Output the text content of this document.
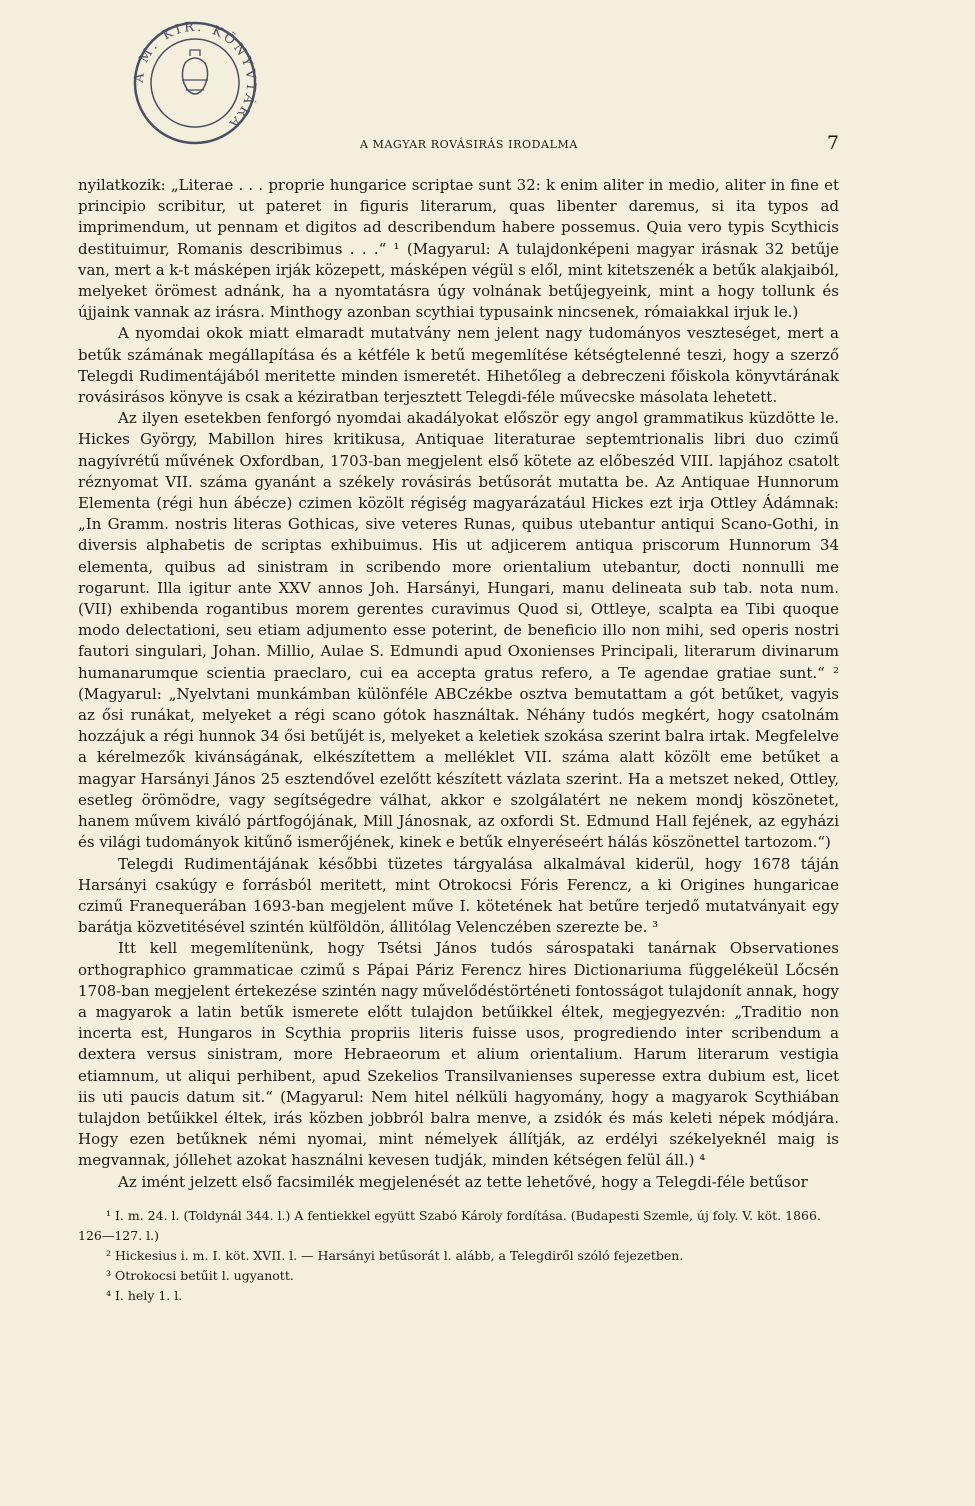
A M. KIR. KÖNYVTÁRA
A MAGYAR ROVÁSIRÁS IRODALMA	7

nyilatkozik: „Literae . . . proprie hungarice scriptae sunt 32: k enim aliter in medio, aliter in fine et principio scribitur, ut pateret in figuris literarum, quas libenter daremus, si ita typos ad imprimendum, ut pennam et digitos ad describendum habere possemus. Quia vero typis Scythicis destituimur, Romanis describimus . . .“ ¹ (Magyarul: A tulajdonképeni magyar irásnak 32 betűje van, mert a k-t másképen irják közepett, másképen végül s elől, mint kitetszenék a betűk alakjaiból, melyeket örömest adnánk, ha a nyomtatásra úgy volnának betűjegyeink, mint a hogy tollunk és újjaink vannak az irásra. Minthogy azonban scythiai typusaink nincsenek, rómaiakkal irjuk le.)

A nyomdai okok miatt elmaradt mutatvány nem jelent nagy tudományos veszteséget, mert a betűk számának megállapítása és a kétféle k betű megemlítése kétségtelenné teszi, hogy a szerző Telegdi Rudimentájából meritette minden ismeretét. Hihetőleg a debreczeni főiskola könyvtárának rovásirásos könyve is csak a kéziratban terjesztett Telegdi-féle művecske másolata lehetett.

Az ilyen esetekben fenforgó nyomdai akadályokat először egy angol grammatikus küzdötte le. Hickes György, Mabillon hires kritikusa, Antiquae literaturae septemtrionalis libri duo czimű nagyívrétű művének Oxfordban, 1703-ban megjelent első kötete az előbeszéd VIII. lapjához csatolt réznyomat VII. száma gyanánt a székely rovásirás betűsorát mutatta be. Az Antiquae Hunnorum Elementa (régi hun ábécze) czimen közölt régiség magyarázatául Hickes ezt irja Ottley Ádámnak: „In Gramm. nostris literas Gothicas, sive veteres Runas, quibus utebantur antiqui Scano-Gothi, in diversis alphabetis de scriptas exhibuimus. His ut adjicerem antiqua priscorum Hunnorum 34 elementa, quibus ad sinistram in scribendo more orientalium utebantur, docti nonnulli me rogarunt. Illa igitur ante XXV annos Joh. Harsányi, Hungari, manu delineata sub tab. nota num. (VII) exhibenda rogantibus morem gerentes curavimus Quod si, Ottleye, scalpta ea Tibi quoque modo delectationi, seu etiam adjumento esse poterint, de beneficio illo non mihi, sed operis nostri fautori singulari, Johan. Millio, Aulae S. Edmundi apud Oxonienses Principali, literarum divinarum humanarumque scientia praeclaro, cui ea accepta gratus refero, a Te agendae gratiae sunt.“ ² (Magyarul: „Nyelvtani munkámban különféle ABCzékbe osztva bemutattam a gót betűket, vagyis az ősi runákat, melyeket a régi scano gótok használtak. Néhány tudós megkért, hogy csatolnám hozzájuk a régi hunnok 34 ősi betűjét is, melyeket a keletiek szokása szerint balra irtak. Megfelelve a kérelmezők kivánságának, elkészítettem a melléklet VII. száma alatt közölt eme betűket a magyar Harsányi János 25 esztendővel ezelőtt készített vázlata szerint. Ha a metszet neked, Ottley, esetleg örömödre, vagy segítségedre válhat, akkor e szolgálatért ne nekem mondj köszönetet, hanem művem kiváló pártfogójának, Mill Jánosnak, az oxfordi St. Edmund Hall fejének, az egyházi és világi tudományok kitűnő ismerőjének, kinek e betűk elnyeréseért hálás köszönettel tartozom.“)

Telegdi Rudimentájának későbbi tüzetes tárgyalása alkalmával kiderül, hogy 1678 táján Harsányi csakúgy e forrásból meritett, mint Otrokocsi Fóris Ferencz, a ki Origines hungaricae czimű Franequerában 1693-ban megjelent műve I. kötetének hat betűre terjedő mutatványait egy barátja közvetitésével szintén külföldön, állitólag Velenczében szerezte be. ³

Itt kell megemlítenünk, hogy Tsétsi János tudós sárospataki tanárnak Observationes orthographico grammaticae czimű s Pápai Páriz Ferencz hires Dictionariuma függelékeül Lőcsén 1708-ban megjelent értekezése szintén nagy művelődéstörténeti fontosságot tulajdonít annak, hogy a magyarok a latin betűk ismerete előtt tulajdon betűikkel éltek, megjegyezvén: „Traditio non incerta est, Hungaros in Scythia propriis literis fuisse usos, progrediendo inter scribendum a dextera versus sinistram, more Hebraeorum et alium orientalium. Harum literarum vestigia etiamnum, ut aliqui perhibent, apud Szekelios Transilvanienses superesse extra dubium est, licet iis uti paucis datum sit.“ (Magyarul: Nem hitel nélküli hagyomány, hogy a magyarok Scythiában tulajdon betűikkel éltek, irás közben jobbról balra menve, a zsidók és más keleti népek módjára. Hogy ezen betűknek némi nyomai, mint némelyek állítják, az erdélyi székelyeknél maig is megvannak, jóllehet azokat használni kevesen tudják, minden kétségen felül áll.) ⁴

Az imént jelzett első facsimilék megjelenését az tette lehetővé, hogy a Telegdi-féle betűsor

¹ I. m. 24. l. (Toldynál 344. l.) A fentiekkel együtt Szabó Károly fordítása. (Budapesti Szemle, új foly. V. köt. 1866. 126—127. l.)

² Hickesius i. m. I. köt. XVII. l. — Harsányi betűsorát l. alább, a Telegdiről szóló fejezetben.

³ Otrokocsi betűit l. ugyanott.

⁴ I. hely 1. l.
